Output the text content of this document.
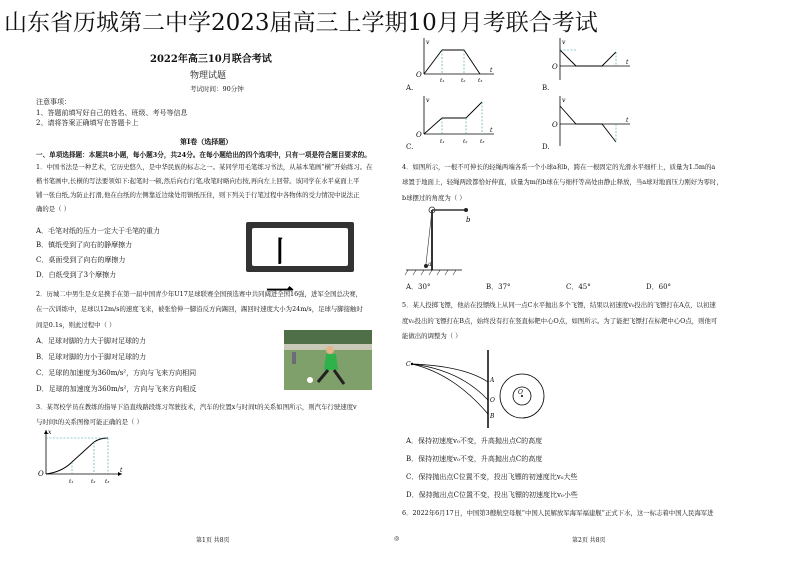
山东省历城第二中学2023届高三上学期10月月考联合考试
2022年高三10月联合考试
物理试题
考试时间：90分钟
注意事项：
1、答题前填写好自己的姓名、班级、考号等信息
2、请将答案正确填写在答题卡上
第I卷（选择题）
一、单项选择题：本题共8小题，每小题3分，共24分。在每小题给出的四个选项中，只有一项是符合题目要求的。
1．中国书法是一种艺术，它历史悠久，是中华民族的标志之一。某同学用毛笔练习书法，从基本笔画“横”开始练习。在
楷书笔画中,长横的写法要领如下:起笔时一顿,然后向右行笔,收笔时略向右按,再向左上回带。该同学在水平桌面上平
铺一张白纸,为防止打滑,他在白纸的左侧靠近边缘处用镇纸压住，则下列关于行笔过程中各物体的受力情况中说法正
确的是（ ）
A．毛笔对纸的压力一定大于毛笔的重力
B．镇纸受到了向右的静摩擦力
C．桌面受到了向右的摩擦力
D．白纸受到了3个摩擦力
丨 一
2．历城二中男生是女足携手在第一届中国青少年U17足球联赛全国预选赛中共同阔进全国16强，进军全国总决赛，
在一次训练中，足球以12m/s的速度飞来，被张恰伸一脚沿反方向踢回，踢回时速度大小为24m/s，足球与脚接触时
间是0.1s，则此过程中（ ）
A．足球对脚的力大于脚对足球的力
B．足球对脚的力小于脚对足球的力
C．足球的加速度为360m/s²，方向与飞来方向相同
D．足球的加速度为360m/s²，方向与飞来方向相反
3．某驾校学员在教练的指导下沿直线路段练习驾驶技术，汽车的位置x与时间t的关系如图所示，则汽车行驶速度v
与时间t的关系图像可能正确的是（ ）
x
O	t
t₁	t₂ t₃
v
O
t
t₁	t₂ t₃
A.
v
O
t
B.
v
O
t
t₁	t₂ t₃
C.
v
O
t
D.
4．如图所示，一根不可伸长的轻绳两端各系一个小球a和b，跨在一根固定的光滑水平细杆上，质量为1.5m的a
球置于地面上，轻绳两段都恰好伸直，质量为m的b球在与细杆等高处由静止释放，当a球对地面压力刚好为零时，
b球摆过的角度为（ ）
b
a
A．30°	B．37°	C．45°	D．60°
5．某人投掷飞镖，他站在投镖线上从同一点C水平抛出多个飞镖，结果以初速度v₀投出的飞镖打在A点，以初速
度v₀投出的飞镖打在B点，始终没有打在竖直标靶中心O点，如图所示。为了能把飞镖打在标靶中心O点，则他可
能做出的调整为（ ）
C
A
O
B
O
A．保持初速度v₀不变，升高抛出点C的高度
B．保持初速度v₀不变，升高抛出点C的高度
C．保持抛出点C位置不变，投出飞镖的初速度比v₀大些
D．保持抛出点C位置不变，投出飞镖的初速度比v₀小些
6．2022年6月17日，中国第3艘航空母舰“中国人民解放军海军福建舰”正式下水，这一标志着中国人民海军进
第1页 共8页	◎	第2页 共8页
